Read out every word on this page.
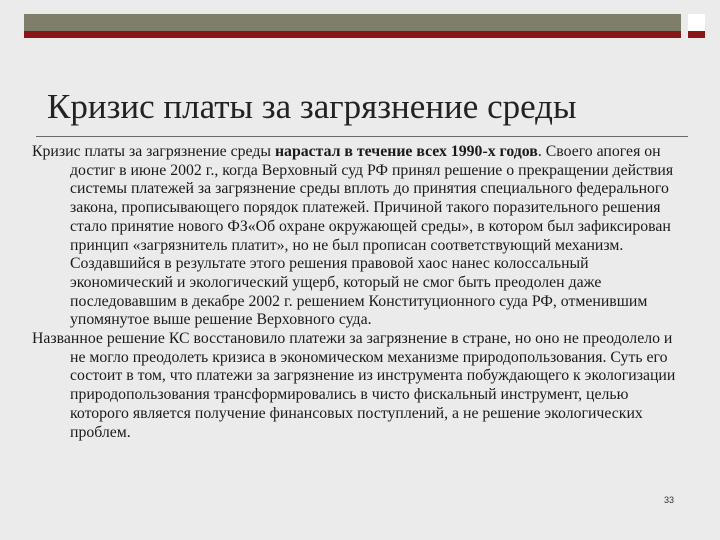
Кризис платы за загрязнение среды

Кризис платы за загрязнение среды нарастал в течение всех 1990-х годов. Своего апогея он достиг в июне 2002 г., когда Верховный суд РФ принял решение о прекращении действия системы платежей за загрязнение среды вплоть до принятия специального федерального закона, прописывающего порядок платежей. Причиной такого поразительного решения стало принятие нового ФЗ«Об охране окружающей среды», в котором был зафиксирован принцип «загрязнитель платит», но не был прописан соответствующий механизм. Создавшийся в результате этого решения правовой хаос нанес колоссальный экономический и экологический ущерб, который не смог быть преодолен даже последовавшим в декабре 2002 г. решением Конституционного суда РФ, отменившим упомянутое выше решение Верховного суда.

Названное решение КС восстановило платежи за загрязнение в стране, но оно не преодолело и не могло преодолеть кризиса в экономическом механизме природопользования. Суть его состоит в том, что платежи за загрязнение из инструмента побуждающего к экологизации природопользования трансформировались в чисто фискальный инструмент, целью которого является получение финансовых поступлений, а не решение экологических проблем.

33
